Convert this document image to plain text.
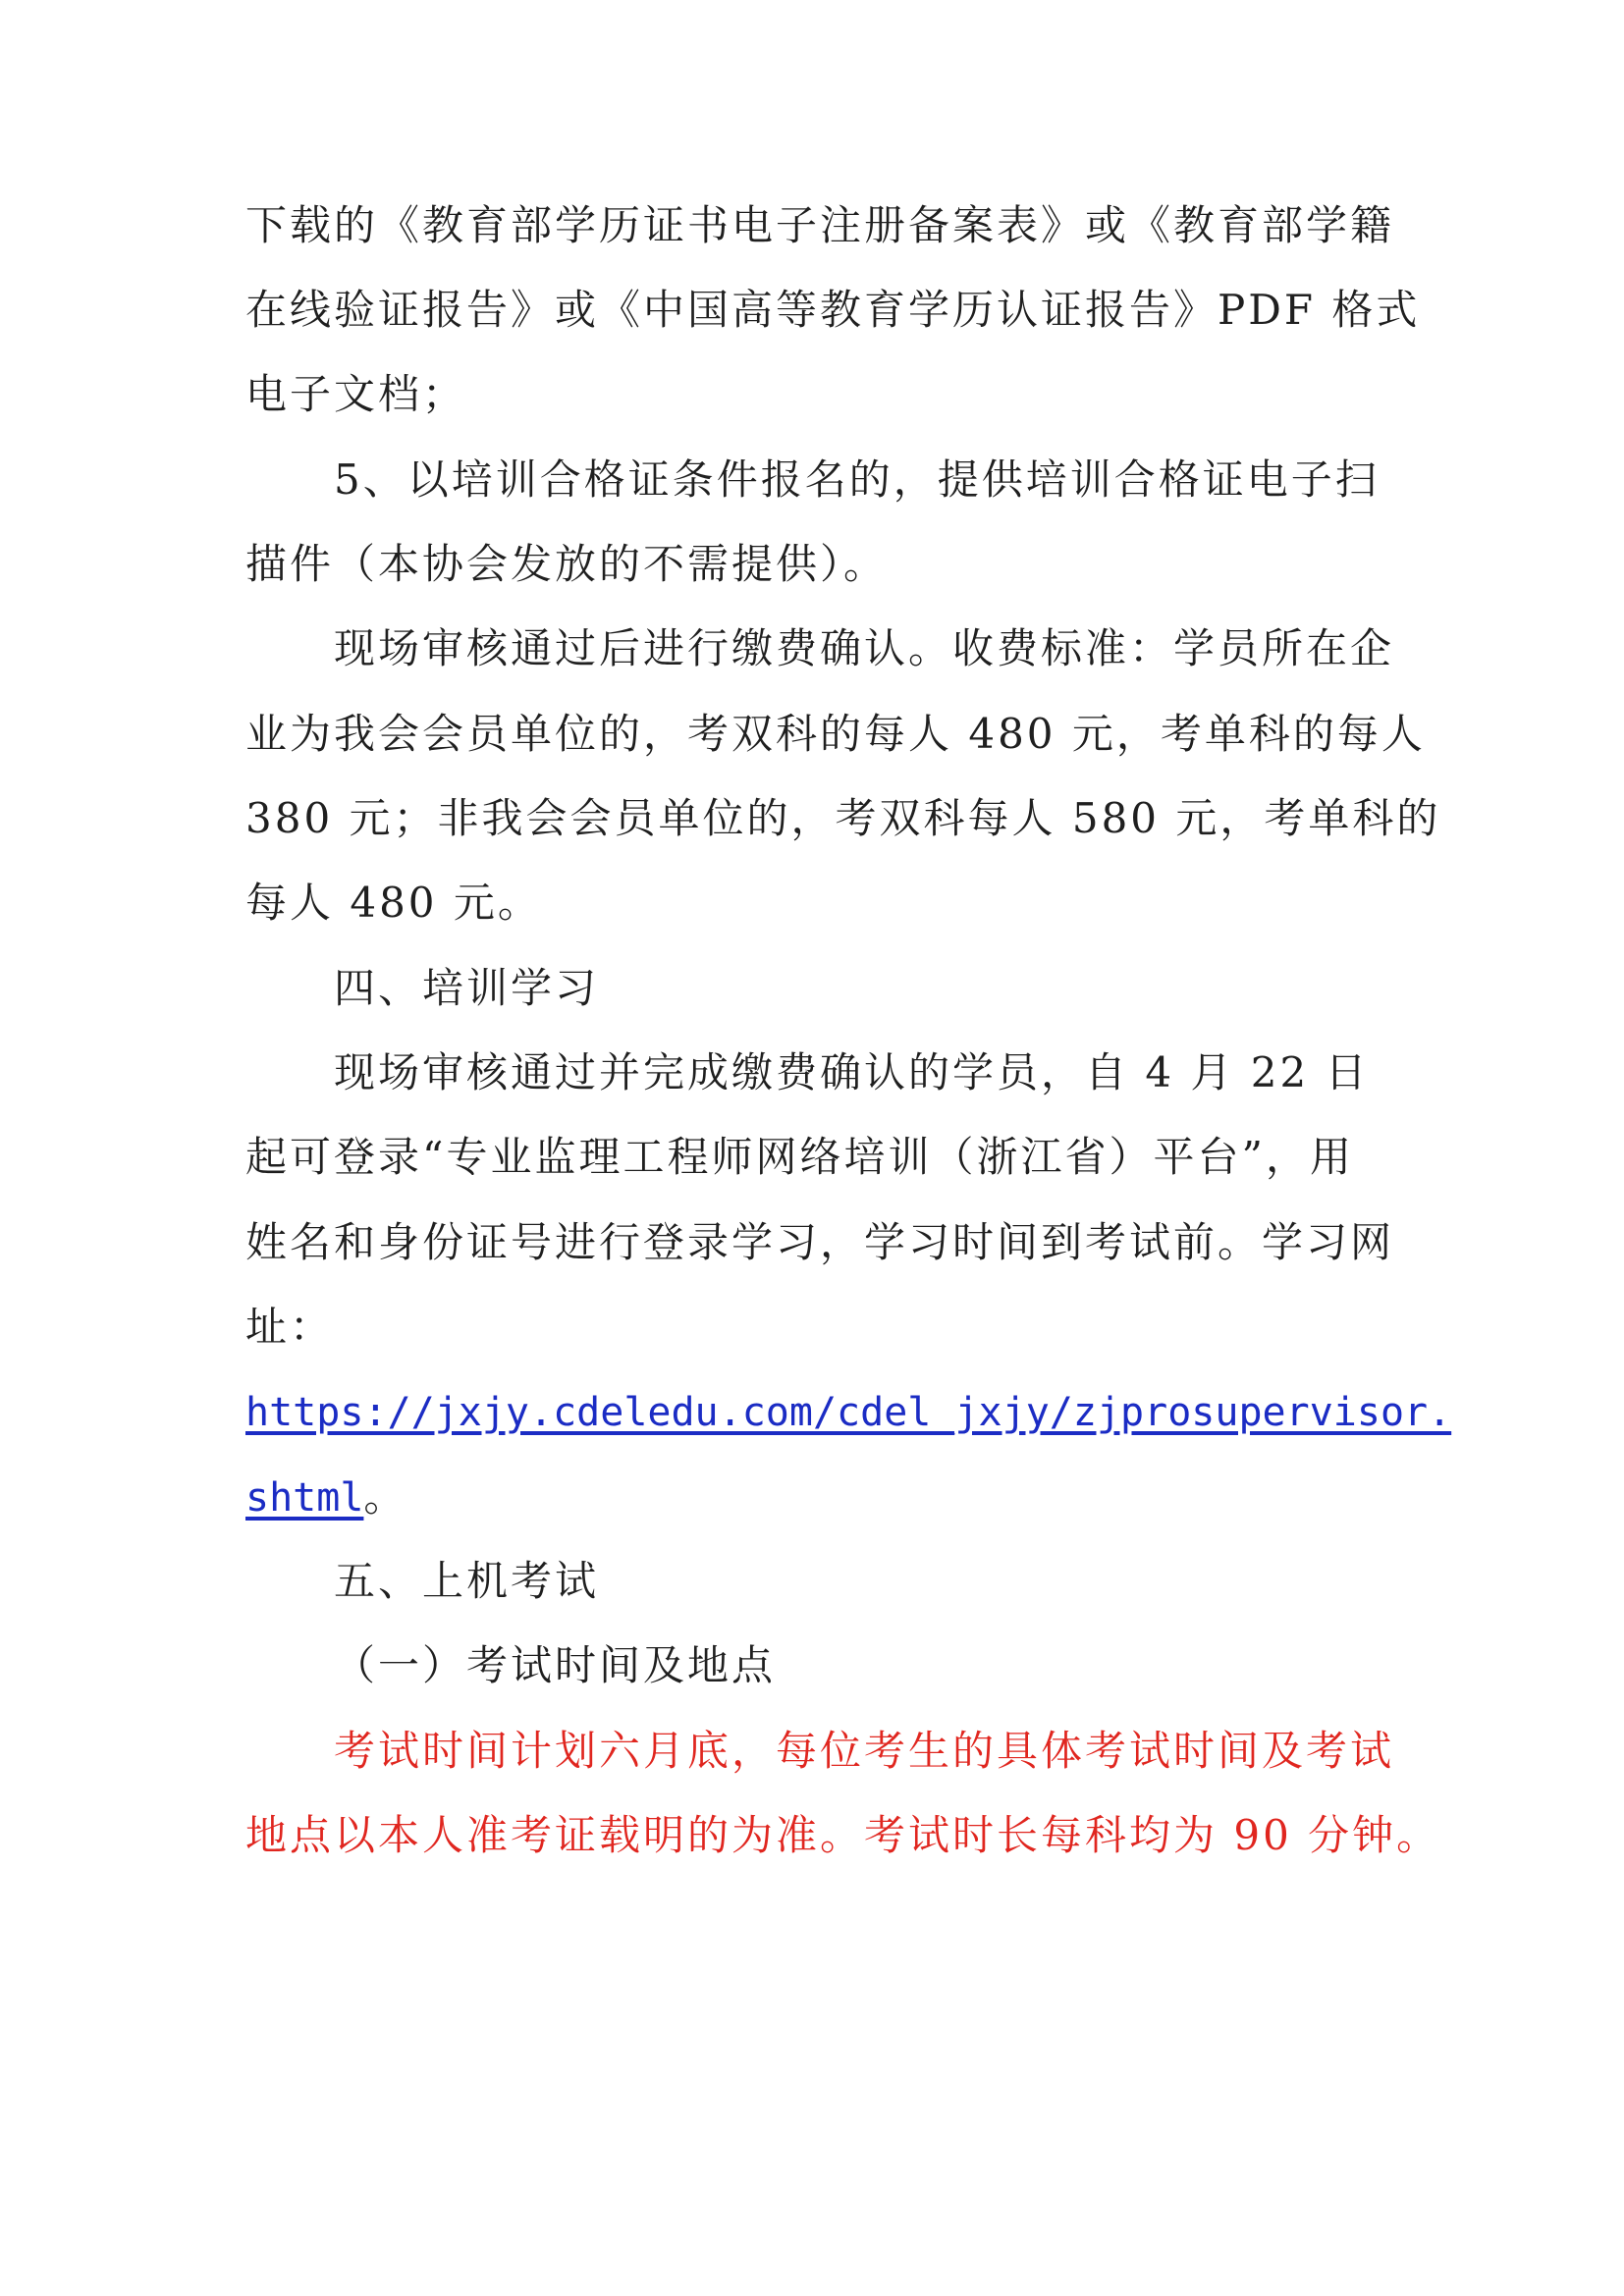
下载的《教育部学历证书电子注册备案表》或《教育部学籍
在线验证报告》或《中国高等教育学历认证报告》PDF 格式
电子文档；
5、以培训合格证条件报名的，提供培训合格证电子扫
描件（本协会发放的不需提供）。
现场审核通过后进行缴费确认。收费标准：学员所在企
业为我会会员单位的，考双科的每人 480 元，考单科的每人
380 元；非我会会员单位的，考双科每人 580 元，考单科的
每人 480 元。
四、培训学习
现场审核通过并完成缴费确认的学员，自 4 月 22 日
起可登录“专业监理工程师网络培训（浙江省）平台”，用
姓名和身份证号进行登录学习，学习时间到考试前。学习网
址：
https://jxjy.cdeledu.com/cdel_jxjy/zjprosupervisor.
shtml。
五、上机考试
（一）考试时间及地点
考试时间计划六月底，每位考生的具体考试时间及考试
地点以本人准考证载明的为准。考试时长每科均为 90 分钟。
